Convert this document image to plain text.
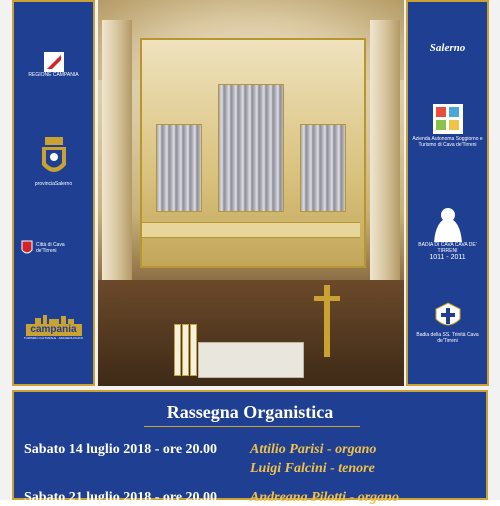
REGIONE CAMPANIA
provinciaSalerno
Città di Cava de'Tirreni
campania
TURISMO CULTURALE · ARCHEOLOGICO
Salerno
Azienda Autonoma Soggiorno e Turismo di Cava de'Tirreni
BADIA DI CAVA CAVA DE' TIRRENI
1011 - 2011
Badia della SS. Trinità Cava de'Tirreni
Rassegna Organistica
Sabato 14 luglio 2018 - ore 20.00 Attilio Parisi - organo
Luigi Falcini - tenore
Sabato 21 luglio 2018 - ore 20.00 Andreana Pilotti - organo
